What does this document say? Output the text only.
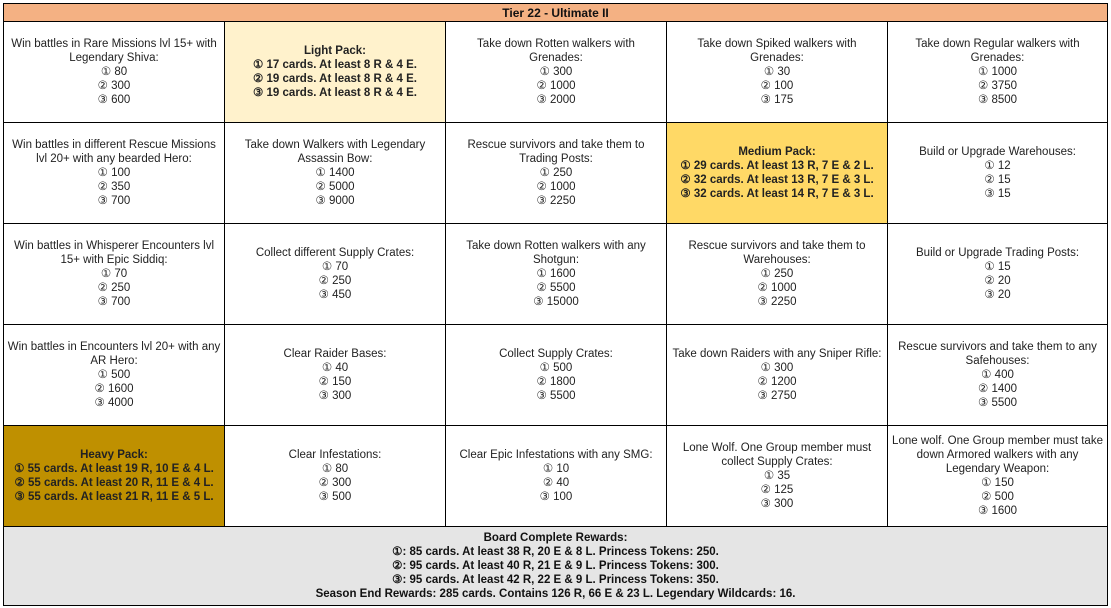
Tier 22 - Ultimate II				

Win battles in Rare Missions lvl 15+ with Legendary Shiva:
① 80
② 300
③ 600	Light Pack:
① 17 cards. At least 8 R & 4 E.
② 19 cards. At least 8 R & 4 E.
③ 19 cards. At least 8 R & 4 E.	Take down Rotten walkers with Grenades:
① 300
② 1000
③ 2000	Take down Spiked walkers with Grenades:
① 30
② 100
③ 175	Take down Regular walkers with Grenades:
① 1000
② 3750
③ 8500

Win battles in different Rescue Missions lvl 20+ with any bearded Hero:
① 100
② 350
③ 700	Take down Walkers with Legendary Assassin Bow:
① 1400
② 5000
③ 9000	Rescue survivors and take them to Trading Posts:
① 250
② 1000
③ 2250	Medium Pack:
① 29 cards. At least 13 R, 7 E & 2 L.
② 32 cards. At least 13 R, 7 E & 3 L.
③ 32 cards. At least 14 R, 7 E & 3 L.	Build or Upgrade Warehouses:
① 12
② 15
③ 15

Win battles in Whisperer Encounters lvl 15+ with Epic Siddiq:
① 70
② 250
③ 700	Collect different Supply Crates:
① 70
② 250
③ 450	Take down Rotten walkers with any Shotgun:
① 1600
② 5500
③ 15000	Rescue survivors and take them to Warehouses:
① 250
② 1000
③ 2250	Build or Upgrade Trading Posts:
① 15
② 20
③ 20

Win battles in Encounters lvl 20+ with any AR Hero:
① 500
② 1600
③ 4000	Clear Raider Bases:
① 40
② 150
③ 300	Collect Supply Crates:
① 500
② 1800
③ 5500	Take down Raiders with any Sniper Rifle:
① 300
② 1200
③ 2750	Rescue survivors and take them to any Safehouses:
① 400
② 1400
③ 5500

Heavy Pack:
① 55 cards. At least 19 R, 10 E & 4 L.
② 55 cards. At least 20 R, 11 E & 4 L.
③ 55 cards. At least 21 R, 11 E & 5 L.	Clear Infestations:
① 80
② 300
③ 500	Clear Epic Infestations with any SMG:
① 10
② 40
③ 100	Lone Wolf. One Group member must collect Supply Crates:
① 35
② 125
③ 300	Lone wolf. One Group member must take down Armored walkers with any Legendary Weapon:
① 150
② 500
③ 1600

Board Complete Rewards:
①: 85 cards. At least 38 R, 20 E & 8 L. Princess Tokens: 250.
②: 95 cards. At least 40 R, 21 E & 9 L. Princess Tokens: 300.
③: 95 cards. At least 42 R, 22 E & 9 L. Princess Tokens: 350.
Season End Rewards: 285 cards. Contains 126 R, 66 E & 23 L. Legendary Wildcards: 16.				
